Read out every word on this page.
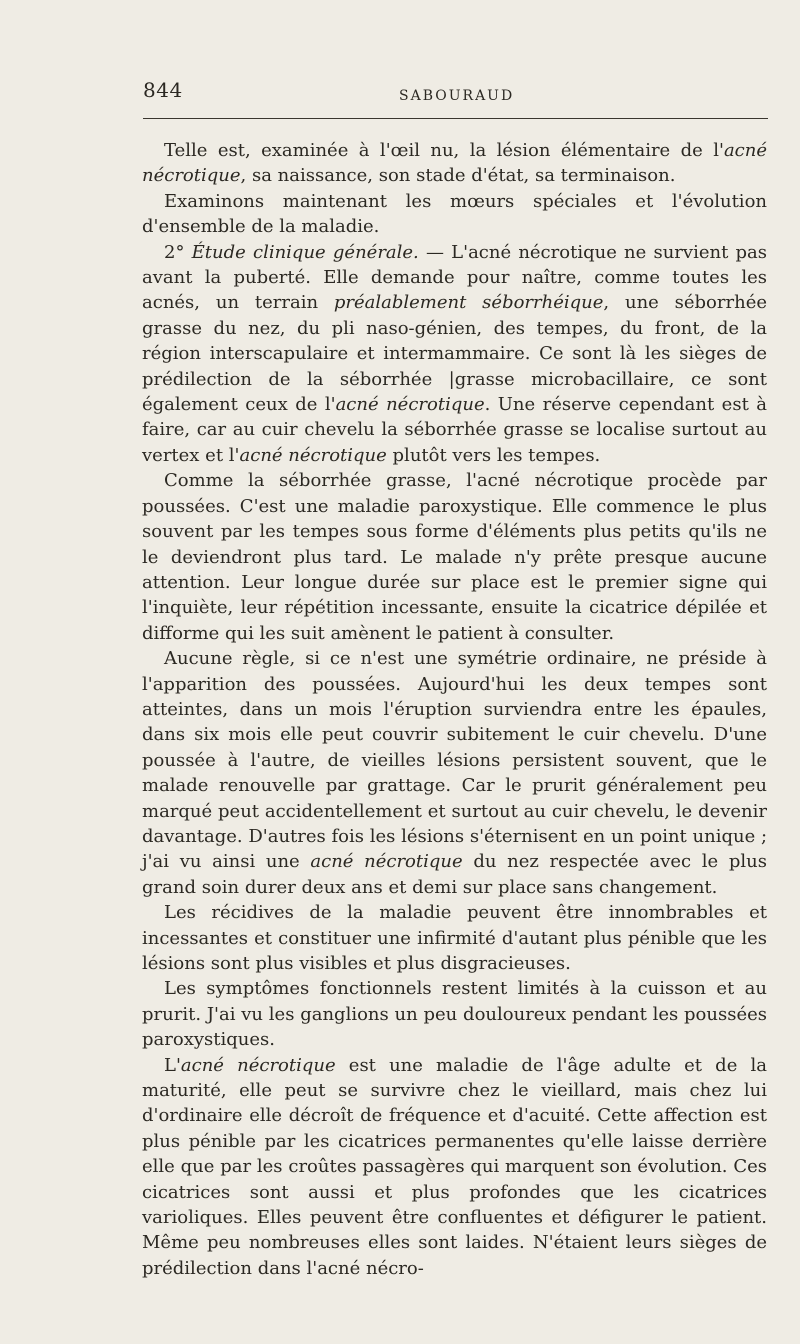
844	SABOURAUD

Telle est, examinée à l'œil nu, la lésion élémentaire de l'acné nécrotique, sa naissance, son stade d'état, sa terminaison.

Examinons maintenant les mœurs spéciales et l'évolution d'ensemble de la maladie.

2° Étude clinique générale. — L'acné nécrotique ne survient pas avant la puberté. Elle demande pour naître, comme toutes les acnés, un terrain préalablement séborrhéique, une séborrhée grasse du nez, du pli naso-génien, des tempes, du front, de la région interscapulaire et intermammaire. Ce sont là les sièges de prédilection de la séborrhée |grasse microbacillaire, ce sont également ceux de l'acné nécrotique. Une réserve cependant est à faire, car au cuir chevelu la séborrhée grasse se localise surtout au vertex et l'acné nécrotique plutôt vers les tempes.

Comme la séborrhée grasse, l'acné nécrotique procède par poussées. C'est une maladie paroxystique. Elle commence le plus souvent par les tempes sous forme d'éléments plus petits qu'ils ne le deviendront plus tard. Le malade n'y prête presque aucune attention. Leur longue durée sur place est le premier signe qui l'inquiète, leur répétition incessante, ensuite la cicatrice dépilée et difforme qui les suit amènent le patient à consulter.

Aucune règle, si ce n'est une symétrie ordinaire, ne préside à l'apparition des poussées. Aujourd'hui les deux tempes sont atteintes, dans un mois l'éruption surviendra entre les épaules, dans six mois elle peut couvrir subitement le cuir chevelu. D'une poussée à l'autre, de vieilles lésions persistent souvent, que le malade renouvelle par grattage. Car le prurit généralement peu marqué peut accidentellement et surtout au cuir chevelu, le devenir davantage. D'autres fois les lésions s'éternisent en un point unique ; j'ai vu ainsi une acné nécrotique du nez respectée avec le plus grand soin durer deux ans et demi sur place sans changement.

Les récidives de la maladie peuvent être innombrables et incessantes et constituer une infirmité d'autant plus pénible que les lésions sont plus visibles et plus disgracieuses.

Les symptômes fonctionnels restent limités à la cuisson et au prurit. J'ai vu les ganglions un peu douloureux pendant les poussées paroxystiques.

L'acné nécrotique est une maladie de l'âge adulte et de la maturité, elle peut se survivre chez le vieillard, mais chez lui d'ordinaire elle décroît de fréquence et d'acuité. Cette affection est plus pénible par les cicatrices permanentes qu'elle laisse derrière elle que par les croûtes passagères qui marquent son évolution. Ces cicatrices sont aussi et plus profondes que les cicatrices varioliques. Elles peuvent être confluentes et défigurer le patient. Même peu nombreuses elles sont laides. N'étaient leurs sièges de prédilection dans l'acné nécro-
